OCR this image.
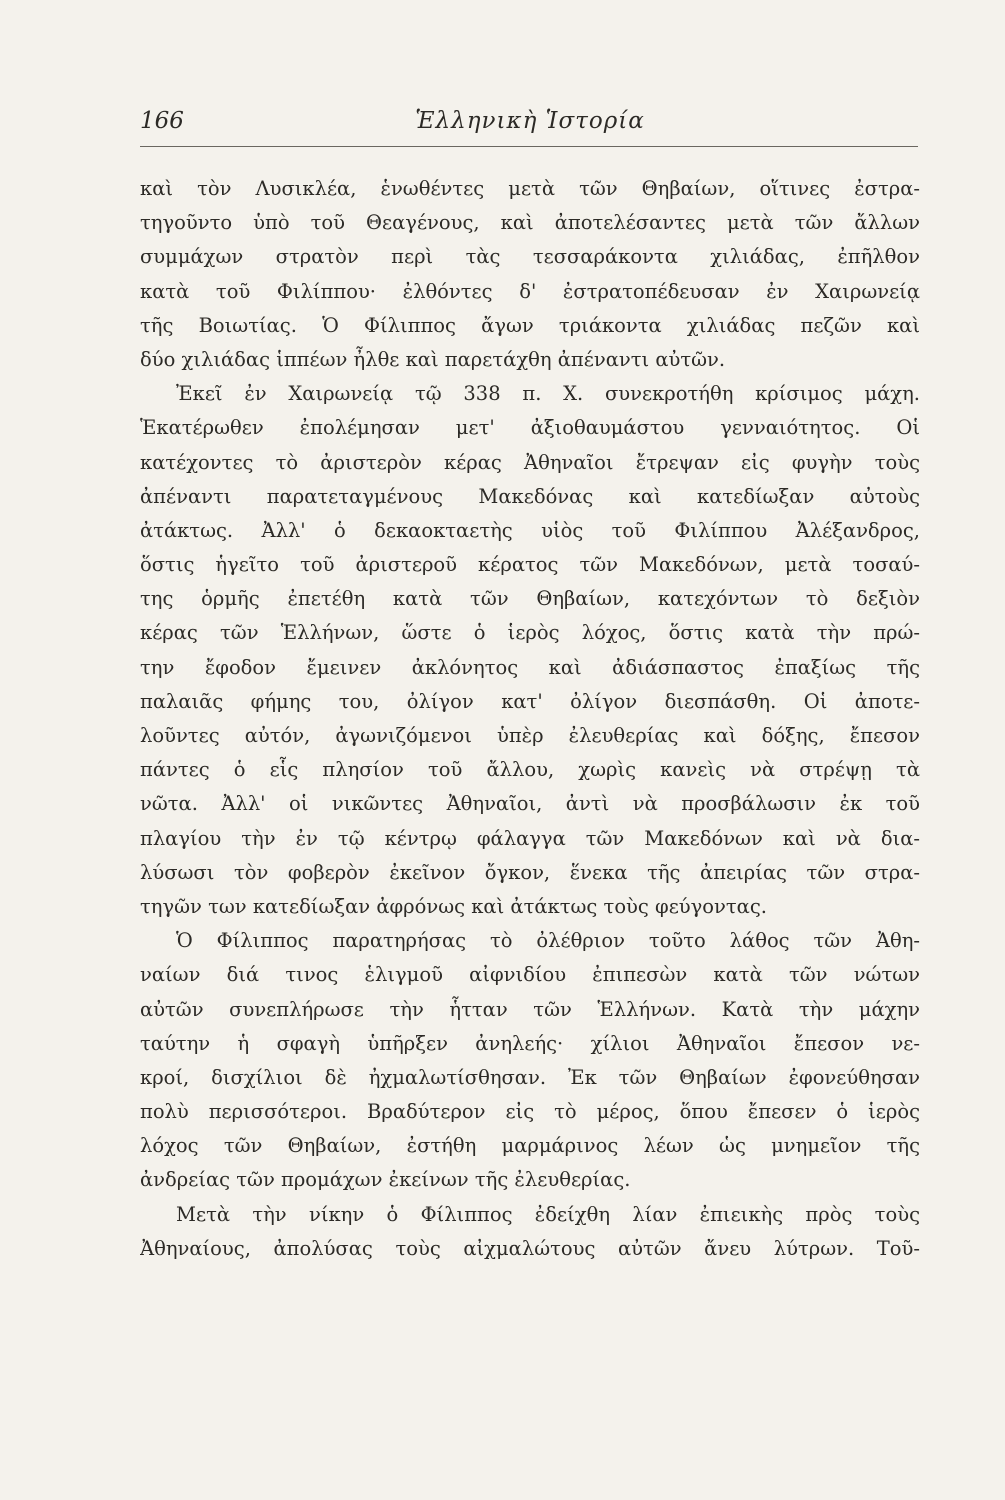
166	Ἑλληνικὴ Ἱστορία
καὶ τὸν Λυσικλέα, ἑνωθέντες μετὰ τῶν Θηβαίων, οἵτινες ἐστρα-
τηγοῦντο ὑπὸ τοῦ Θεαγένους, καὶ ἀποτελέσαντες μετὰ τῶν ἄλλων
συμμάχων στρατὸν περὶ τὰς τεσσαράκοντα χιλιάδας, ἐπῆλθον
κατὰ τοῦ Φιλίππου· ἐλθόντες δ' ἐστρατοπέδευσαν ἐν Χαιρωνείᾳ
τῆς Βοιωτίας. Ὁ Φίλιππος ἄγων τριάκοντα χιλιάδας πεζῶν καὶ
δύο χιλιάδας ἱππέων ἦλθε καὶ παρετάχθη ἀπέναντι αὐτῶν.
Ἐκεῖ ἐν Χαιρωνείᾳ τῷ 338 π. Χ. συνεκροτήθη κρίσιμος μάχη.
Ἑκατέρωθεν ἐπολέμησαν μετ' ἀξιοθαυμάστου γενναιότητος. Οἱ
κατέχοντες τὸ ἀριστερὸν κέρας Ἀθηναῖοι ἔτρεψαν εἰς φυγὴν τοὺς
ἀπέναντι παρατεταγμένους Μακεδόνας καὶ κατεδίωξαν αὐτοὺς
ἀτάκτως. Ἀλλ' ὁ δεκαοκταετὴς υἱὸς τοῦ Φιλίππου Ἀλέξανδρος,
ὅστις ἡγεῖτο τοῦ ἀριστεροῦ κέρατος τῶν Μακεδόνων, μετὰ τοσαύ-
της ὁρμῆς ἐπετέθη κατὰ τῶν Θηβαίων, κατεχόντων τὸ δεξιὸν
κέρας τῶν Ἑλλήνων, ὥστε ὁ ἱερὸς λόχος, ὅστις κατὰ τὴν πρώ-
την ἔφοδον ἔμεινεν ἀκλόνητος καὶ ἀδιάσπαστος ἐπαξίως τῆς
παλαιᾶς φήμης του, ὀλίγον κατ' ὀλίγον διεσπάσθη. Οἱ ἀποτε-
λοῦντες αὐτόν, ἀγωνιζόμενοι ὑπὲρ ἐλευθερίας καὶ δόξης, ἔπεσον
πάντες ὁ εἷς πλησίον τοῦ ἄλλου, χωρὶς κανεὶς νὰ στρέψῃ τὰ
νῶτα. Ἀλλ' οἱ νικῶντες Ἀθηναῖοι, ἀντὶ νὰ προσβάλωσιν ἐκ τοῦ
πλαγίου τὴν ἐν τῷ κέντρῳ φάλαγγα τῶν Μακεδόνων καὶ νὰ δια-
λύσωσι τὸν φοβερὸν ἐκεῖνον ὄγκον, ἕνεκα τῆς ἀπειρίας τῶν στρα-
τηγῶν των κατεδίωξαν ἀφρόνως καὶ ἀτάκτως τοὺς φεύγοντας.
Ὁ Φίλιππος παρατηρήσας τὸ ὀλέθριον τοῦτο λάθος τῶν Ἀθη-
ναίων διά τινος ἑλιγμοῦ αἰφνιδίου ἐπιπεσὼν κατὰ τῶν νώτων
αὐτῶν συνεπλήρωσε τὴν ἧτταν τῶν Ἑλλήνων. Κατὰ τὴν μάχην
ταύτην ἡ σφαγὴ ὑπῆρξεν ἀνηλεής· χίλιοι Ἀθηναῖοι ἔπεσον νε-
κροί, δισχίλιοι δὲ ἠχμαλωτίσθησαν. Ἐκ τῶν Θηβαίων ἐφονεύθησαν
πολὺ περισσότεροι. Βραδύτερον εἰς τὸ μέρος, ὅπου ἔπεσεν ὁ ἱερὸς
λόχος τῶν Θηβαίων, ἐστήθη μαρμάρινος λέων ὡς μνημεῖον τῆς
ἀνδρείας τῶν προμάχων ἐκείνων τῆς ἐλευθερίας.
Μετὰ τὴν νίκην ὁ Φίλιππος ἐδείχθη λίαν ἐπιεικὴς πρὸς τοὺς
Ἀθηναίους, ἀπολύσας τοὺς αἰχμαλώτους αὐτῶν ἄνευ λύτρων. Τοῦ-
